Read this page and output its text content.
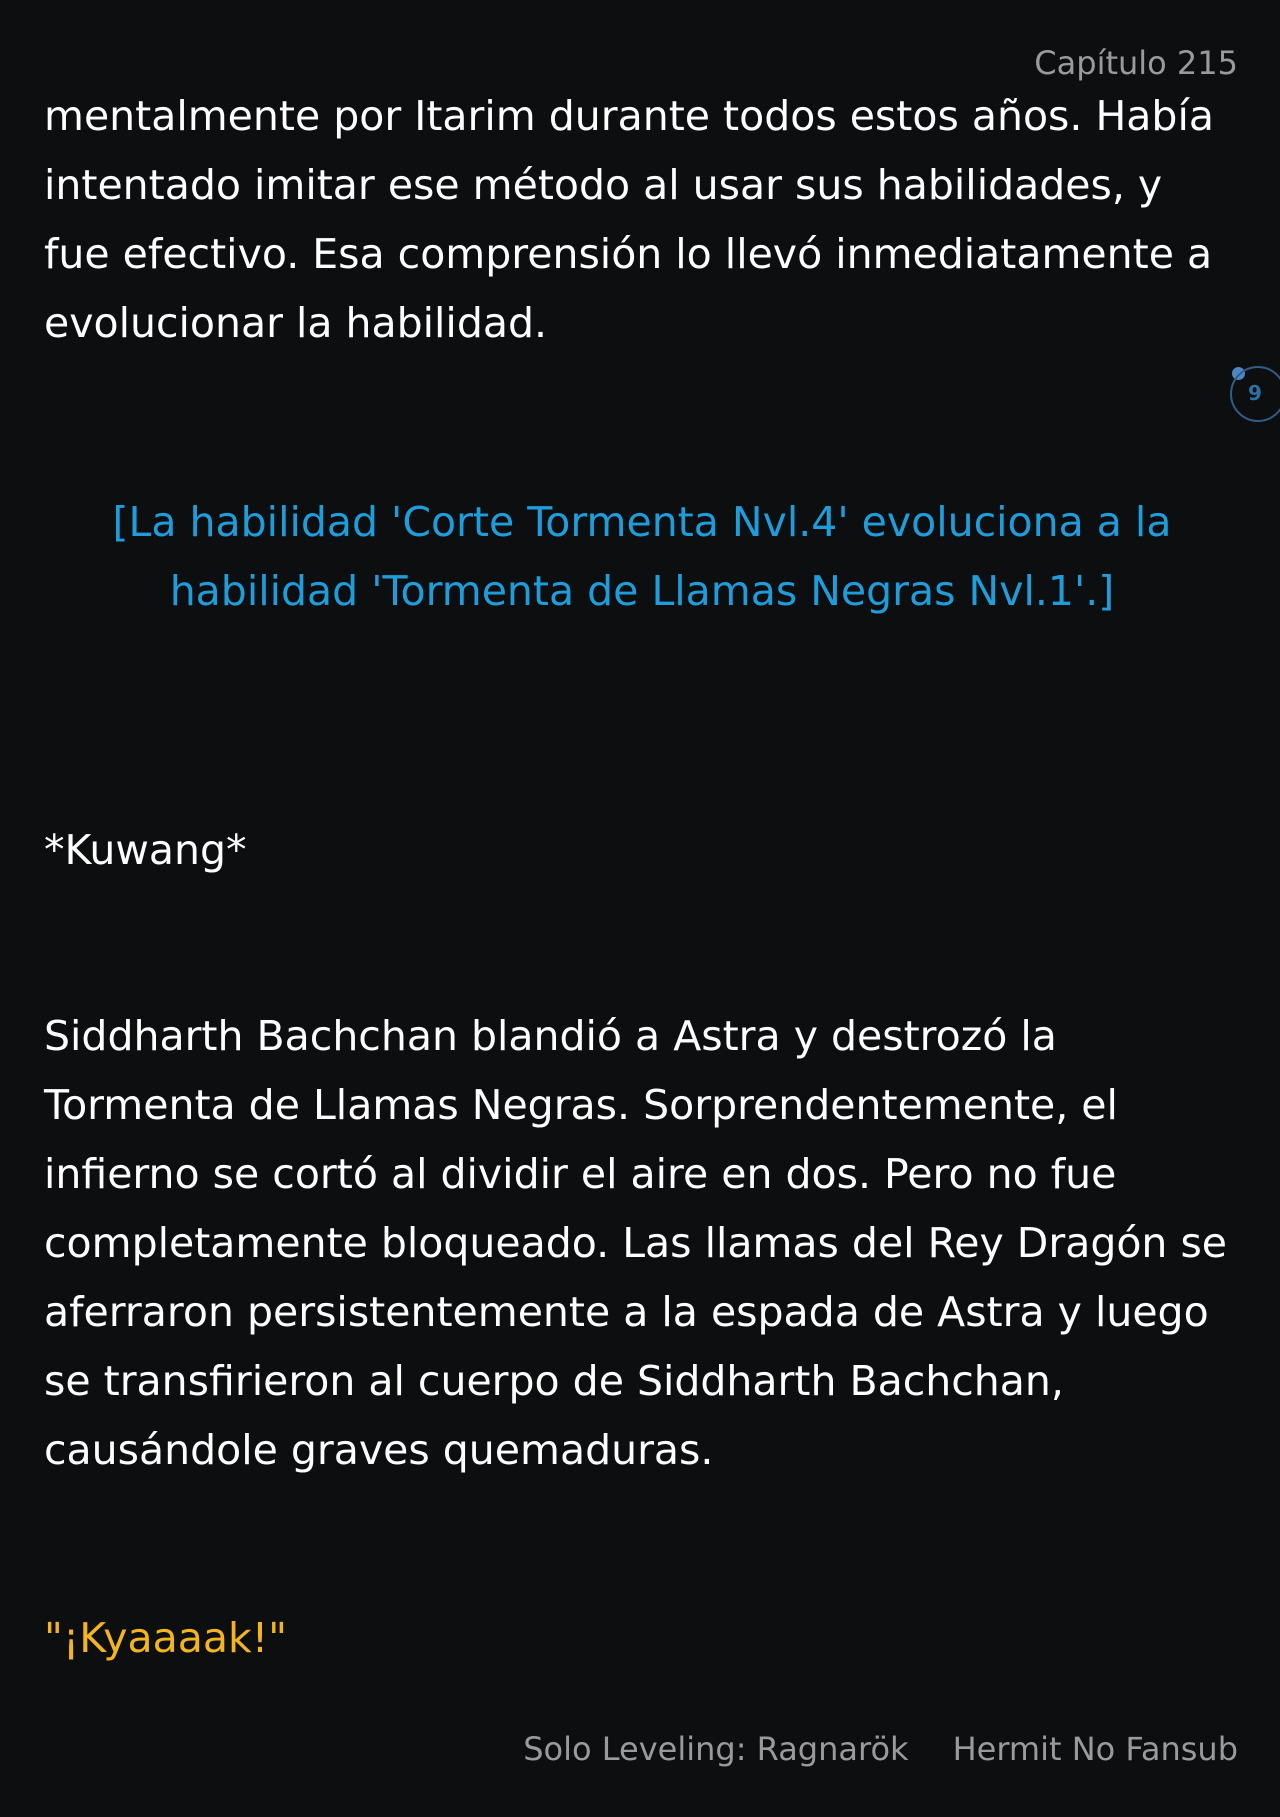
Capítulo 215
9

mentalmente por Itarim durante todos estos años. Había intentado imitar ese método al usar sus habilidades, y fue efectivo. Esa comprensión lo llevó inmediatamente a evolucionar la habilidad.

[La habilidad 'Corte Tormenta Nvl.4' evoluciona a la habilidad 'Tormenta de Llamas Negras Nvl.1'.]

*Kuwang*

Siddharth Bachchan blandió a Astra y destrozó la Tormenta de Llamas Negras. Sorprendentemente, el infierno se cortó al dividir el aire en dos. Pero no fue completamente bloqueado. Las llamas del Rey Dragón se aferraron persistentemente a la espada de Astra y luego se transfirieron al cuerpo de Siddharth Bachchan, causándole graves quemaduras.

"¡Kyaaaak!"

Solo Leveling: Ragnarök Hermit No Fansub
